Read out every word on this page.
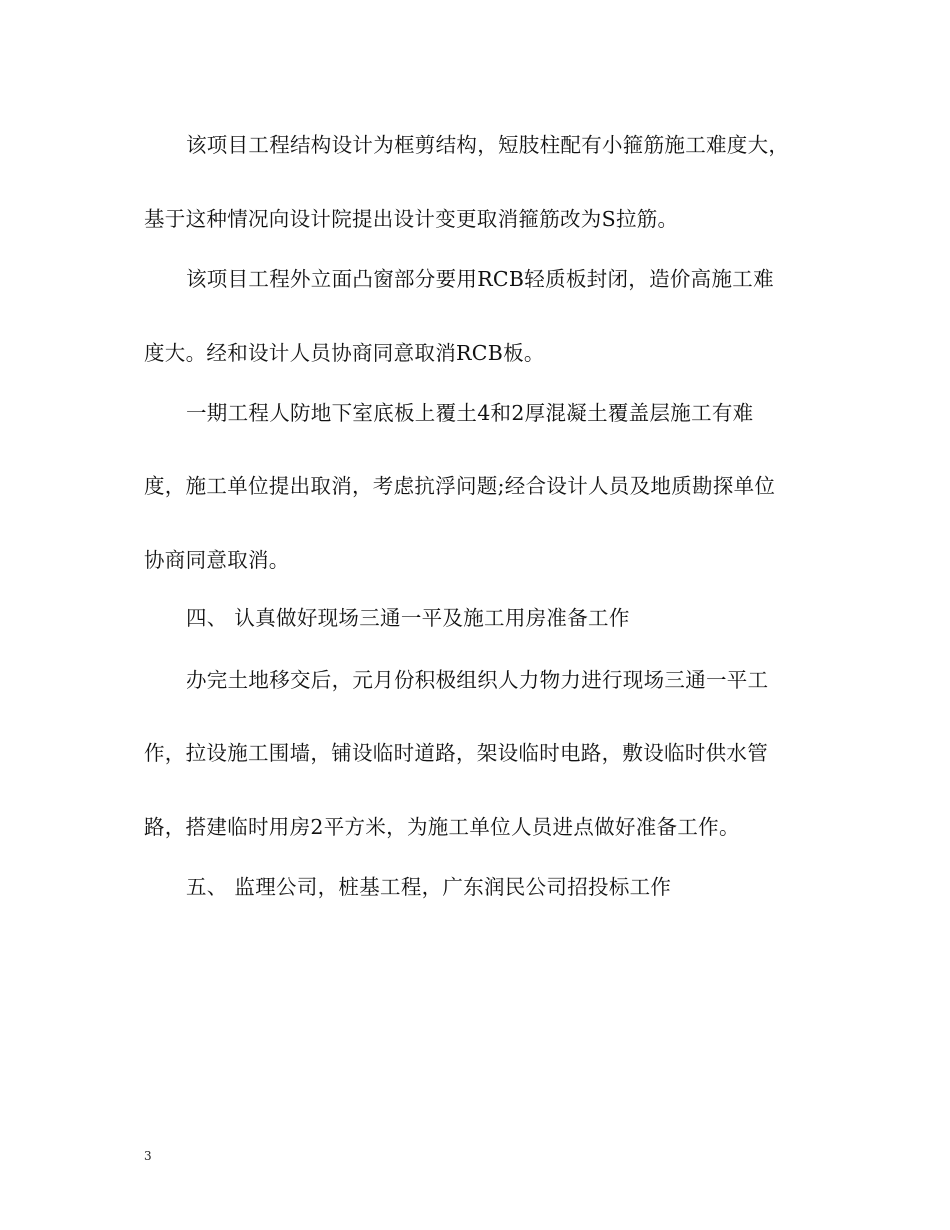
该项目工程结构设计为框剪结构，短肢柱配有小箍筋施工难度大，
基于这种情况向设计院提出设计变更取消箍筋改为S拉筋。
该项目工程外立面凸窗部分要用RCB轻质板封闭，造价高施工难
度大。经和设计人员协商同意取消RCB板。
一期工程人防地下室底板上覆土4和2厚混凝土覆盖层施工有难
度，施工单位提出取消，考虑抗浮问题;经合设计人员及地质勘探单位
协商同意取消。
四、 认真做好现场三通一平及施工用房准备工作
办完土地移交后，元月份积极组织人力物力进行现场三通一平工
作，拉设施工围墙，铺设临时道路，架设临时电路，敷设临时供水管
路，搭建临时用房2平方米，为施工单位人员进点做好准备工作。
五、 监理公司，桩基工程，广东润民公司招投标工作
3
